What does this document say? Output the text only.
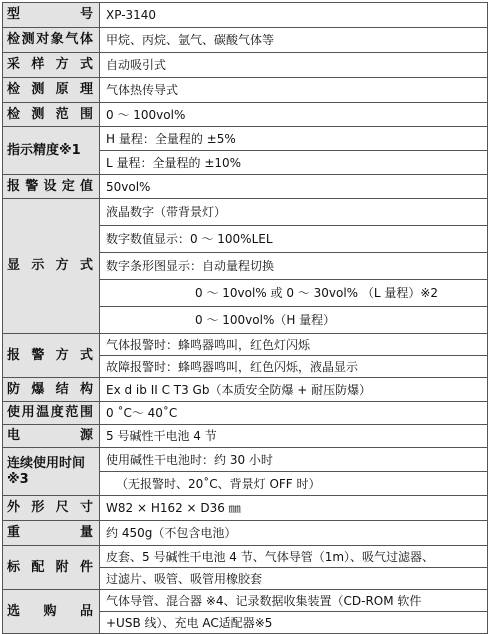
型 号	XP-3140
检测对象气体	甲烷、丙烷、氩气、碳酸气体等
采 样 方 式	自动吸引式
检 测 原 理	气体热传导式
检 测 范 围	0 ～ 100vol%
指示精度※1	H 量程：全量程的 ±5%
	L 量程：全量程的 ±10%
报警设定值	50vol%
显 示 方 式	液晶数字（带背景灯）
	数字数值显示：0 ～ 100%LEL
	数字条形图显示：自动量程切换
	0 ～ 10vol% 或 0 ～ 30vol% （L 量程）※2
	0 ～ 100vol%（H 量程）
报 警 方 式	气体报警时：蜂鸣器鸣叫，红色灯闪烁
	故障报警时：蜂鸣器鸣叫，红色闪烁，液晶显示
防 爆 结 构	Ex d ib II C T3 Gb（本质安全防爆 + 耐压防爆）
使用温度范围	0 ˚C～ 40˚C
电 源	5 号碱性干电池 4 节
连续使用时间※3	使用碱性干电池时：约 30 小时
	（无报警时、20˚C、背景灯 OFF 时）
外 形 尺 寸	W82 × H162 × D36 ㎜
重 量	约 450g（不包含电池）
标 配 附 件	皮套、5 号碱性干电池 4 节、气体导管（1m）、吸气过滤器、
	过滤片、吸管、吸管用橡胶套
选 购 品	气体导管、混合器 ※4、记录数据收集装置（CD-ROM 软件
	+USB 线）、充电 AC适配器※5
